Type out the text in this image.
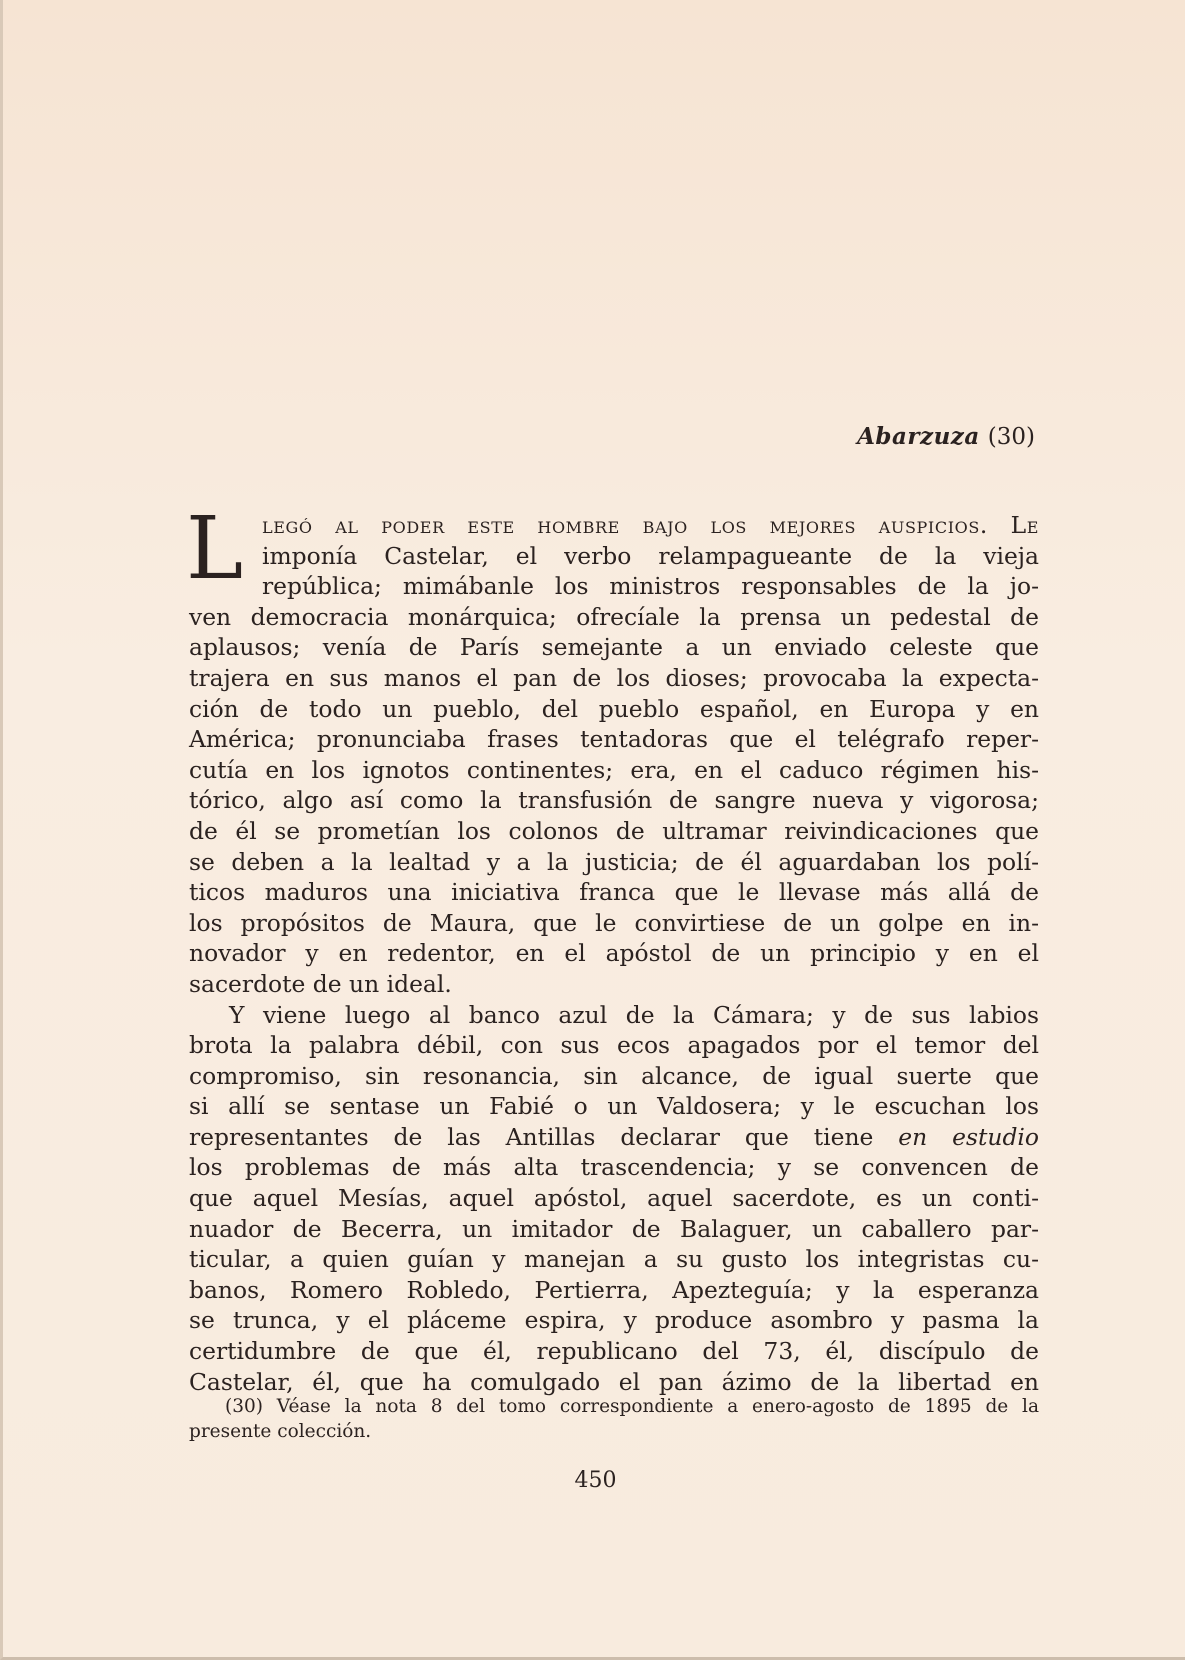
Abarzuza (30)
L legó al poder este hombre bajo los mejores auspicios. Le
imponía Castelar, el verbo relampagueante de la vieja
república; mimábanle los ministros responsables de la jo-
ven democracia monárquica; ofrecíale la prensa un pedestal de
aplausos; venía de París semejante a un enviado celeste que
trajera en sus manos el pan de los dioses; provocaba la expecta-
ción de todo un pueblo, del pueblo español, en Europa y en
América; pronunciaba frases tentadoras que el telégrafo reper-
cutía en los ignotos continentes; era, en el caduco régimen his-
tórico, algo así como la transfusión de sangre nueva y vigorosa;
de él se prometían los colonos de ultramar reivindicaciones que
se deben a la lealtad y a la justicia; de él aguardaban los polí-
ticos maduros una iniciativa franca que le llevase más allá de
los propósitos de Maura, que le convirtiese de un golpe en in-
novador y en redentor, en el apóstol de un principio y en el
sacerdote de un ideal.
Y viene luego al banco azul de la Cámara; y de sus labios
brota la palabra débil, con sus ecos apagados por el temor del
compromiso, sin resonancia, sin alcance, de igual suerte que
si allí se sentase un Fabié o un Valdosera; y le escuchan los
representantes de las Antillas declarar que tiene en estudio
los problemas de más alta trascendencia; y se convencen de
que aquel Mesías, aquel apóstol, aquel sacerdote, es un conti-
nuador de Becerra, un imitador de Balaguer, un caballero par-
ticular, a quien guían y manejan a su gusto los integristas cu-
banos, Romero Robledo, Pertierra, Apezteguía; y la esperanza
se trunca, y el pláceme espira, y produce asombro y pasma la
certidumbre de que él, republicano del 73, él, discípulo de
Castelar, él, que ha comulgado el pan ázimo de la libertad en
(30) Véase la nota 8 del tomo correspondiente a enero-agosto de 1895 de la
presente colección.

450
